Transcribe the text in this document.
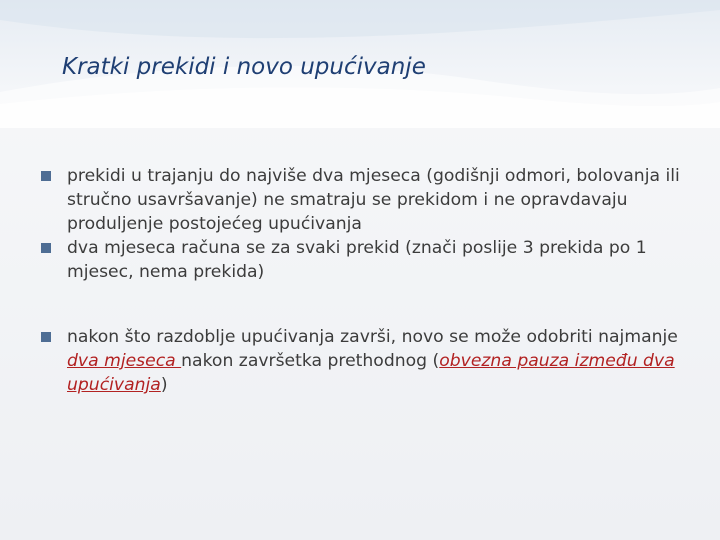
Kratki prekidi i novo upućivanje
prekidi u trajanju do najviše dva mjeseca (godišnji odmori, bolovanja ili stručno usavršavanje) ne smatraju se prekidom i ne opravdavaju produljenje postojećeg upućivanja
dva mjeseca računa se za svaki prekid (znači poslije 3 prekida po 1 mjesec, nema prekida)
nakon što razdoblje upućivanja završi, novo se može odobriti najmanje dva mjeseca nakon završetka prethodnog (obvezna pauza između dva upućivanja)
